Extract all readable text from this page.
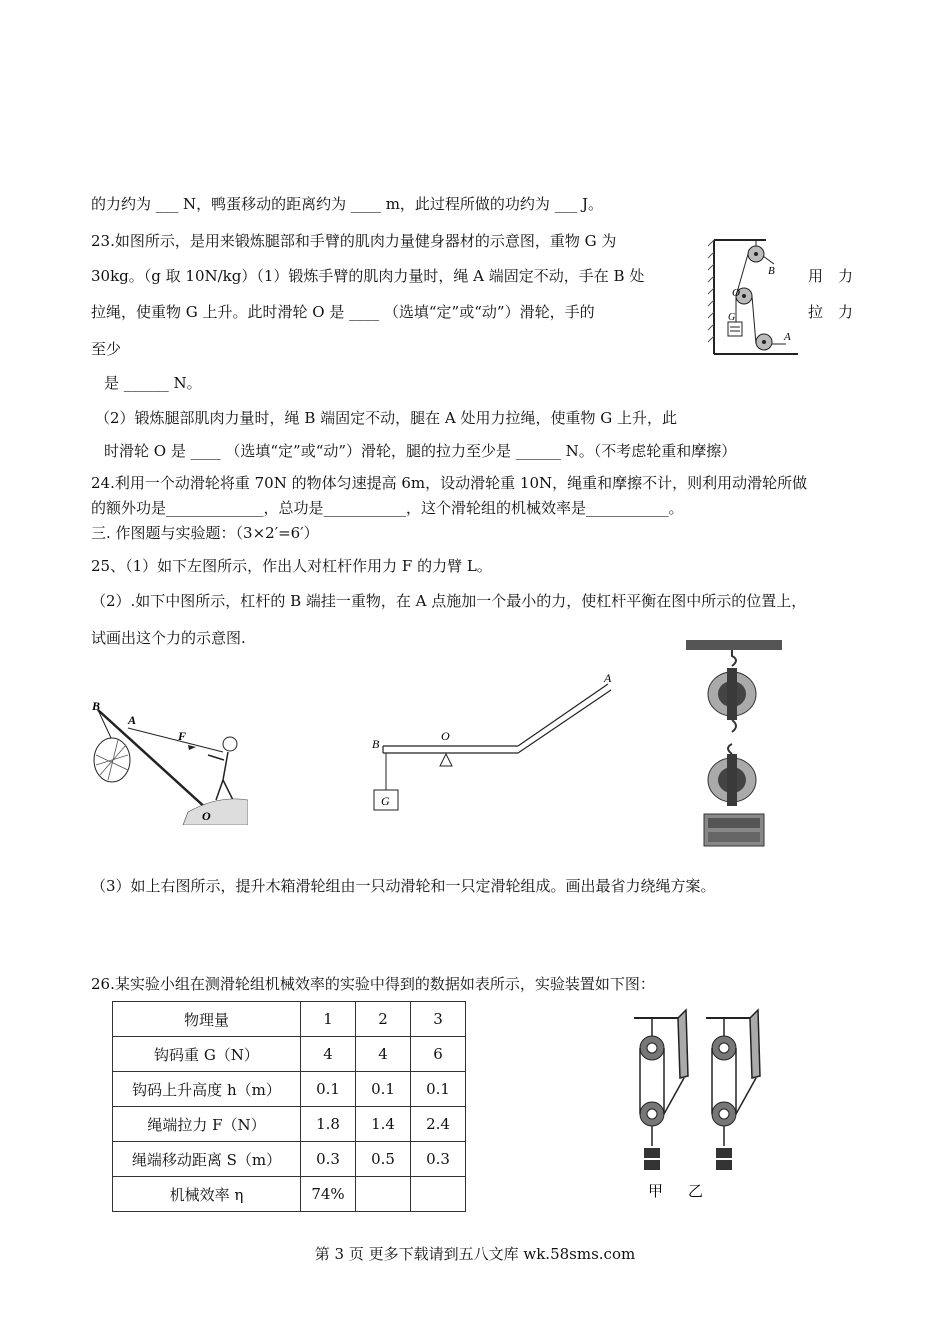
的力约为 ___ N，鸭蛋移动的距离约为 ____ m，此过程所做的功约为 ___ J。
23.如图所示，是用来锻炼腿部和手臂的肌肉力量健身器材的示意图，重物 G 为
30kg。（g 取 10N/kg）（1）锻炼手臂的肌肉力量时，绳 A 端固定不动，手在 B 处	用　力
拉绳，使重物 G 上升。此时滑轮 O 是 ____ （选填“定”或“动”）滑轮，手的	拉　力
至少
是 ______ N。
（2）锻炼腿部肌肉力量时，绳 B 端固定不动，腿在 A 处用力拉绳，使重物 G 上升，此
时滑轮 O 是 ____ （选填“定”或“动”）滑轮，腿的拉力至少是 ______ N。（不考虑轮重和摩擦）
B
O
G
A
24.利用一个动滑轮将重 70N 的物体匀速提高 6m，设动滑轮重 10N，绳重和摩擦不计，则利用动滑轮所做
的额外功是_____________，总功是___________，这个滑轮组的机械效率是___________。
三. 作图题与实验题：（3×2′=6′）
25、（1）如下左图所示，作出人对杠杆作用力 F 的力臂 L。
（2）.如下中图所示，杠杆的 B 端挂一重物，在 A 点施加一个最小的力，使杠杆平衡在图中所示的位置上，
试画出这个力的示意图.
B
A
F
O
B
O
G
A
（3）如上右图所示，提升木箱滑轮组由一只动滑轮和一只定滑轮组成。画出最省力绕绳方案。
26.某实验小组在测滑轮组机械效率的实验中得到的数据如表所示，实验装置如下图：
物理量	1	2	3
钩码重 G（N）	4	4	6
钩码上升高度 h（m）	0.1	0.1	0.1
绳端拉力 F（N）	1.8	1.4	2.4
绳端移动距离 S（m）	0.3	0.5	0.3
机械效率 η	74%			甲 乙
第 3 页 更多下载请到五八文库 wk.58sms.com
